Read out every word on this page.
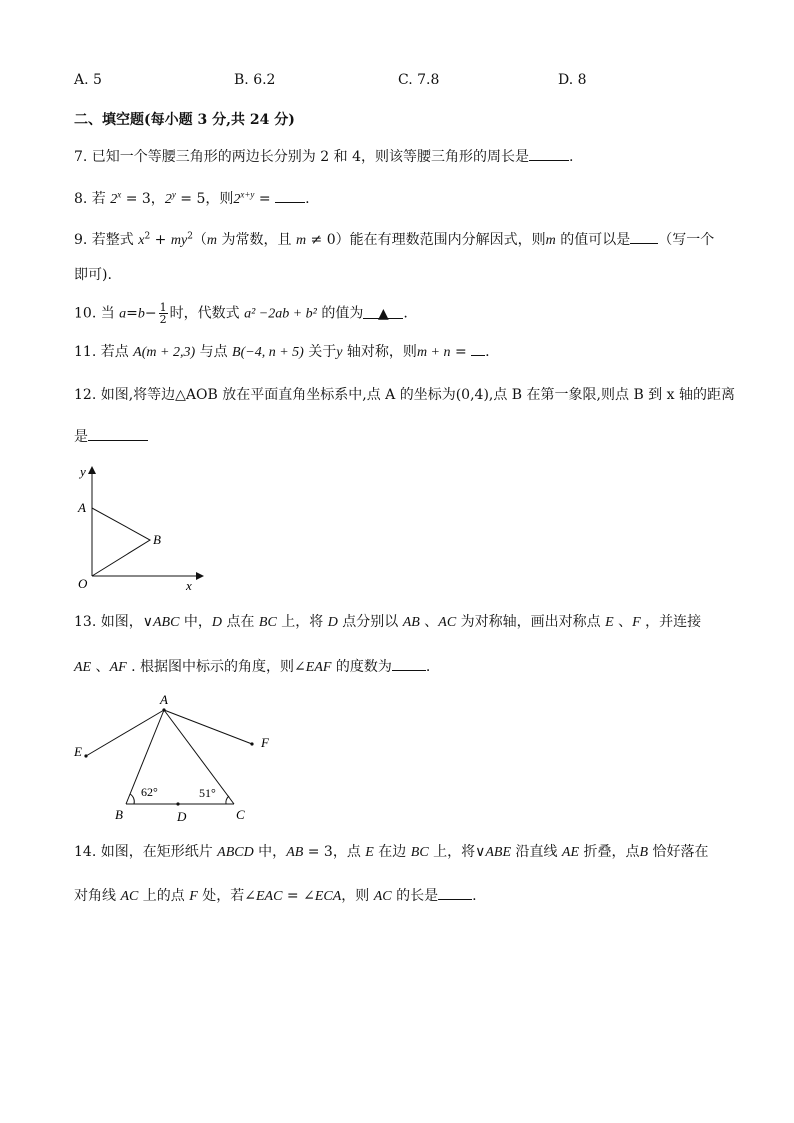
A. 5	B. 6.2	C. 7.8	D. 8
二、填空题(每小题 3 分,共 24 分)
7. 已知一个等腰三角形的两边长分别为 2 和 4，则该等腰三角形的周长是	.
8. 若 $2^x = 3$，$2^y = 5$，则$2^{x+y}$ = .
9. 若整式 $x^2 + my^2(m$ 为常数，且 m ≠ 0）能在有理数范围内分解因式，则m 的值可以是 （写一个
即可).
10. 当 $a=b- \frac{1}{2}$ 时，代数式 a² −2ab + b² 的值为 ▲ .
11. 若点 A(m + 2,3) 与点 B(−4, n + 5) 关于y 轴对称，则m + n = .
12. 如图,将等边△AOB 放在平面直角坐标系中,点 A 的坐标为(0,4),点 B 在第一象限,则点 B 到 x 轴的距离
是
y
x
A
B
O
13. 如图，∨ABC 中，D 点在 BC 上，将 D 点分别以 AB 、AC 为对称轴，画出对称点 E 、F ，并连接
AE 、AF . 根据图中标示的角度，则∠EAF 的度数为 .
A
E
F
B	C
D
62°	51°
14. 如图，在矩形纸片 ABCD 中，AB = 3，点 E 在边 BC 上，将∨ABE 沿直线 AE 折叠，点B 恰好落在
对角线 AC 上的点 F 处，若∠EAC = ∠ECA，则 AC 的长是 .
